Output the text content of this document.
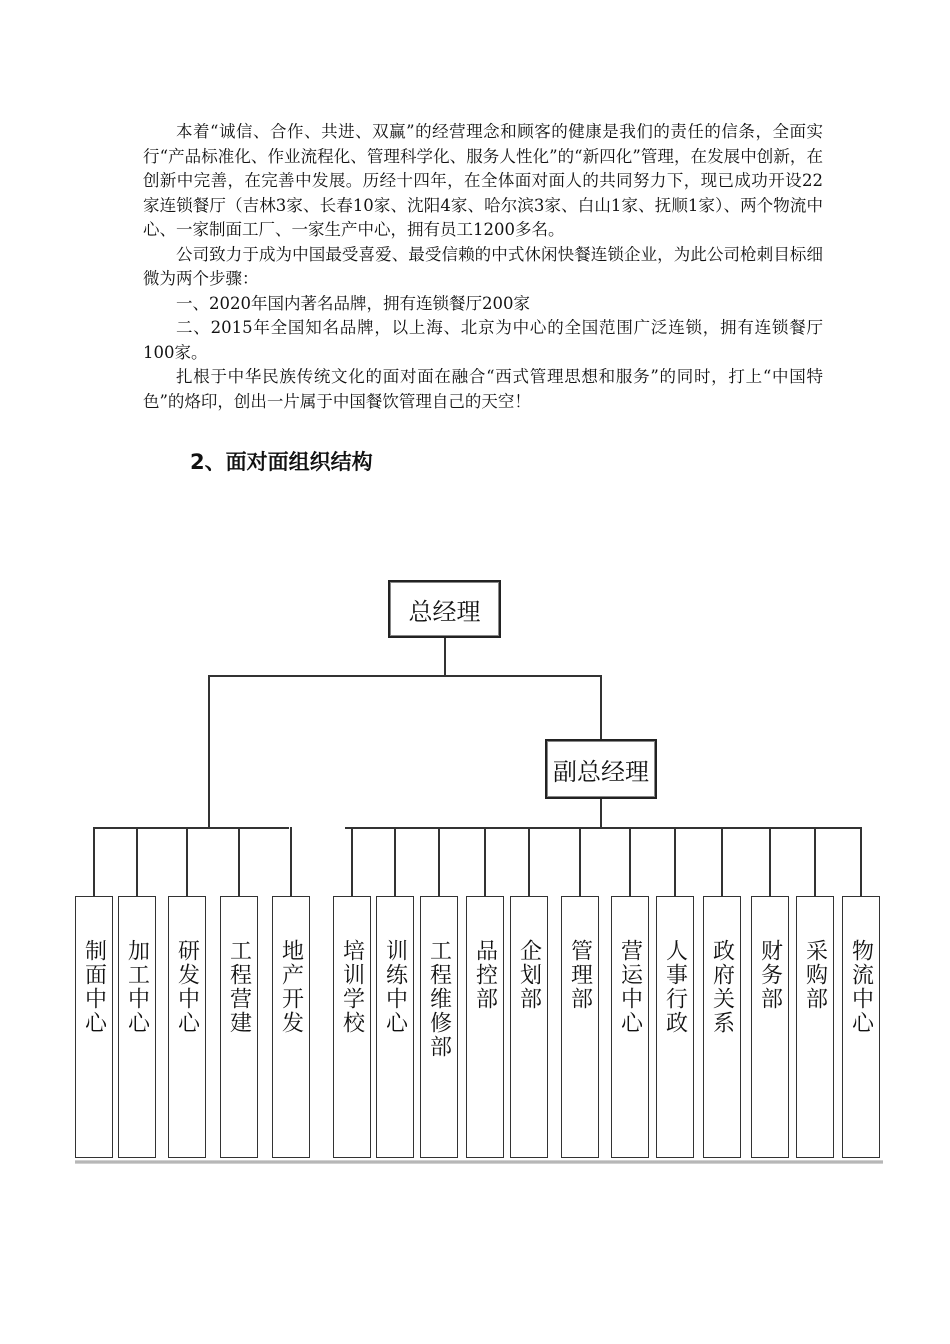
本着“诚信、合作、共进、双赢”的经营理念和顾客的健康是我们的责任的信条，全面实行“产品标准化、作业流程化、管理科学化、服务人性化”的“新四化”管理，在发展中创新，在创新中完善，在完善中发展。历经十四年，在全体面对面人的共同努力下，现已成功开设22家连锁餐厅（吉林3家、长春10家、沈阳4家、哈尔滨3家、白山1家、抚顺1家）、两个物流中心、一家制面工厂、一家生产中心，拥有员工1200多名。

公司致力于成为中国最受喜爱、最受信赖的中式休闲快餐连锁企业，为此公司枪刺目标细微为两个步骤：

一、2020年国内著名品牌，拥有连锁餐厅200家

二、2015年全国知名品牌，以上海、北京为中心的全国范围广泛连锁，拥有连锁餐厅100家。

扎根于中华民族传统文化的面对面在融合“西式管理思想和服务”的同时，打上“中国特色”的烙印，创出一片属于中国餐饮管理自己的天空！

2、面对面组织结构
总经理
副总经理
制面中心 加工中心 研发中心 工程营建 地产开发 培训学校 训练中心 工程维修部 品控部 企划部 管理部 营运中心 人事行政 政府关系 财务部 采购部 物流中心
